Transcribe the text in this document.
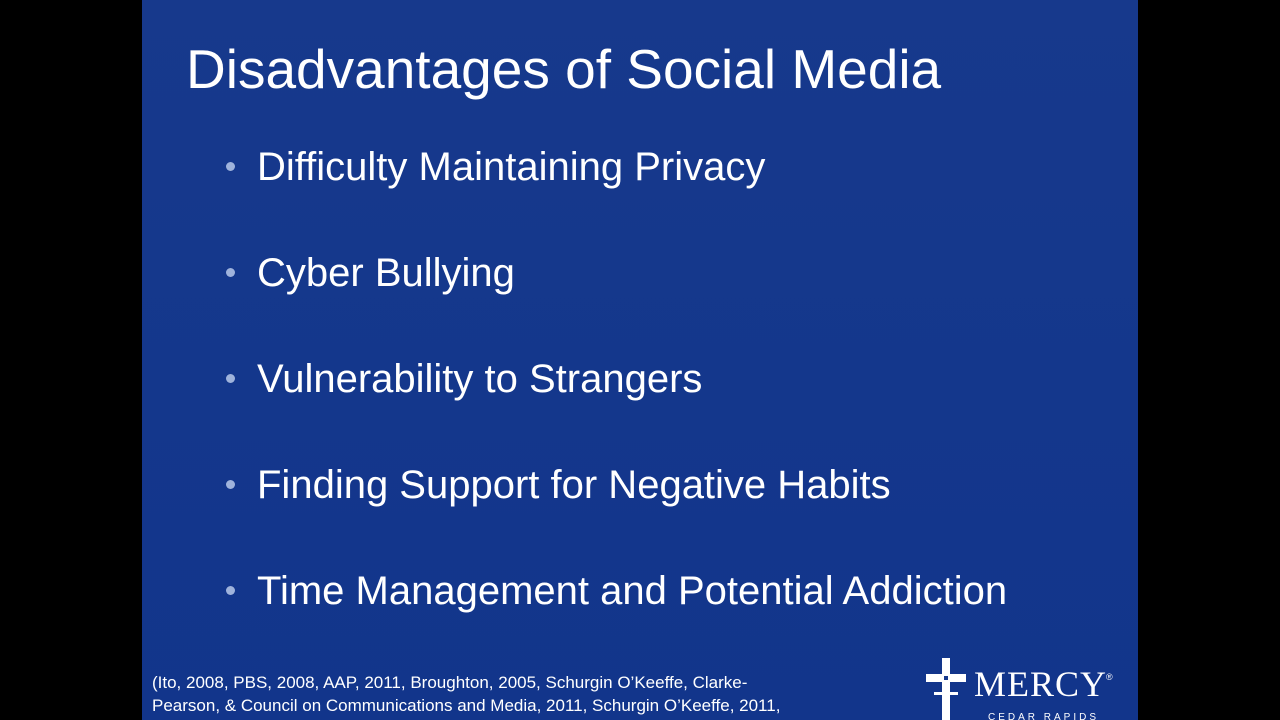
Disadvantages of Social Media
Difficulty Maintaining Privacy
Cyber Bullying
Vulnerability to Strangers
Finding Support for Negative Habits
Time Management and Potential Addiction
(Ito, 2008, PBS, 2008, AAP, 2011, Broughton, 2005, Schurgin O’Keeffe, Clarke-
Pearson, & Council on Communications and Media, 2011, Schurgin O’Keeffe, 2011,
MERCY
®
CEDAR RAPIDS
